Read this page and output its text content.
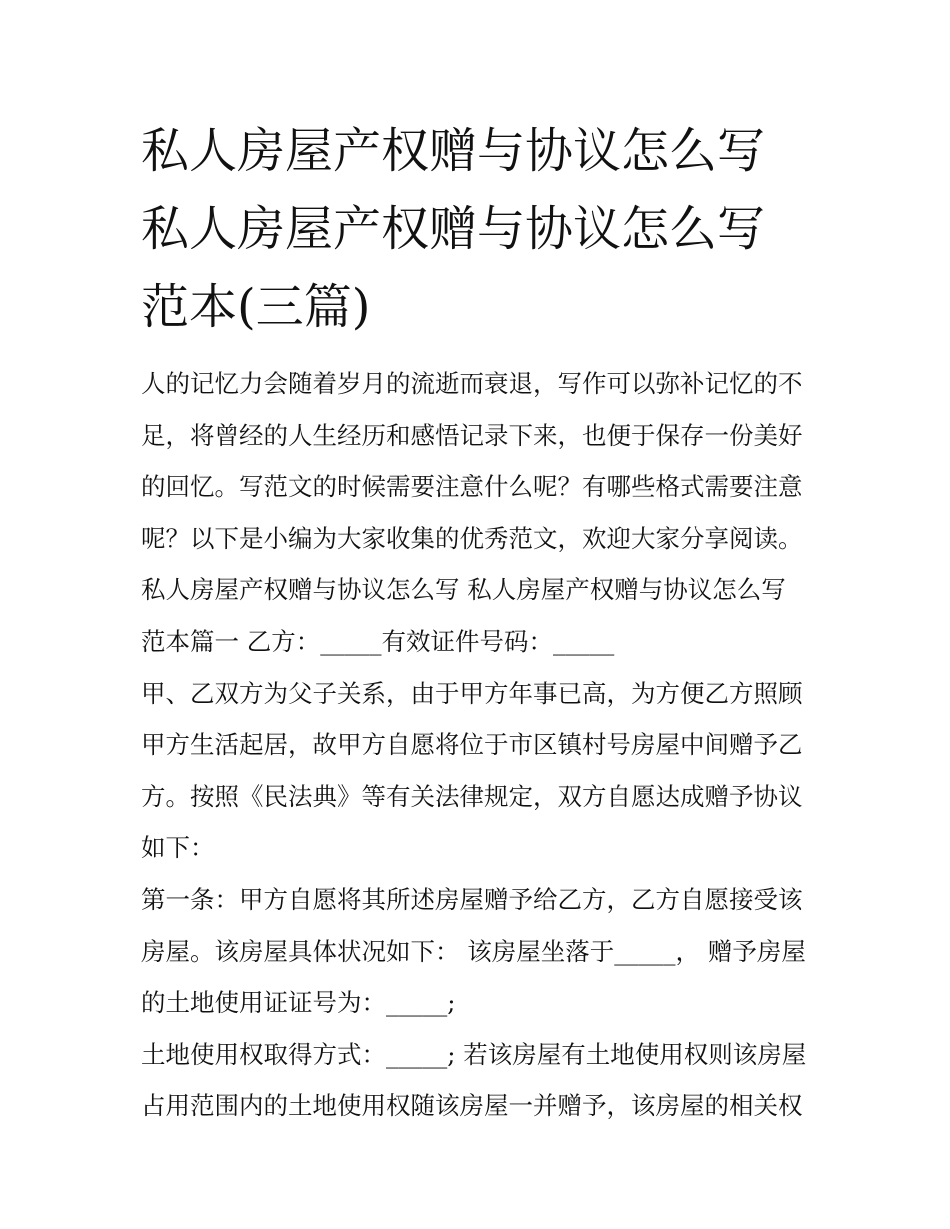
私人房屋产权赠与协议怎么写
私人房屋产权赠与协议怎么写
范本(三篇)
人的记忆力会随着岁月的流逝而衰退，写作可以弥补记忆的不
足，将曾经的人生经历和感悟记录下来，也便于保存一份美好
的回忆。写范文的时候需要注意什么呢？有哪些格式需要注意
呢？以下是小编为大家收集的优秀范文，欢迎大家分享阅读。
私人房屋产权赠与协议怎么写 私人房屋产权赠与协议怎么写
范本篇一 乙方：_____有效证件号码：_____
甲、乙双方为父子关系，由于甲方年事已高，为方便乙方照顾
甲方生活起居，故甲方自愿将位于市区镇村号房屋中间赠予乙
方。按照《民法典》等有关法律规定，双方自愿达成赠予协议
如下：
第一条：甲方自愿将其所述房屋赠予给乙方，乙方自愿接受该
房屋。该房屋具体状况如下： 该房屋坐落于_____， 赠予房屋
的土地使用证证号为：_____;
土地使用权取得方式：_____; 若该房屋有土地使用权则该房屋
占用范围内的土地使用权随该房屋一并赠予，该房屋的相关权
